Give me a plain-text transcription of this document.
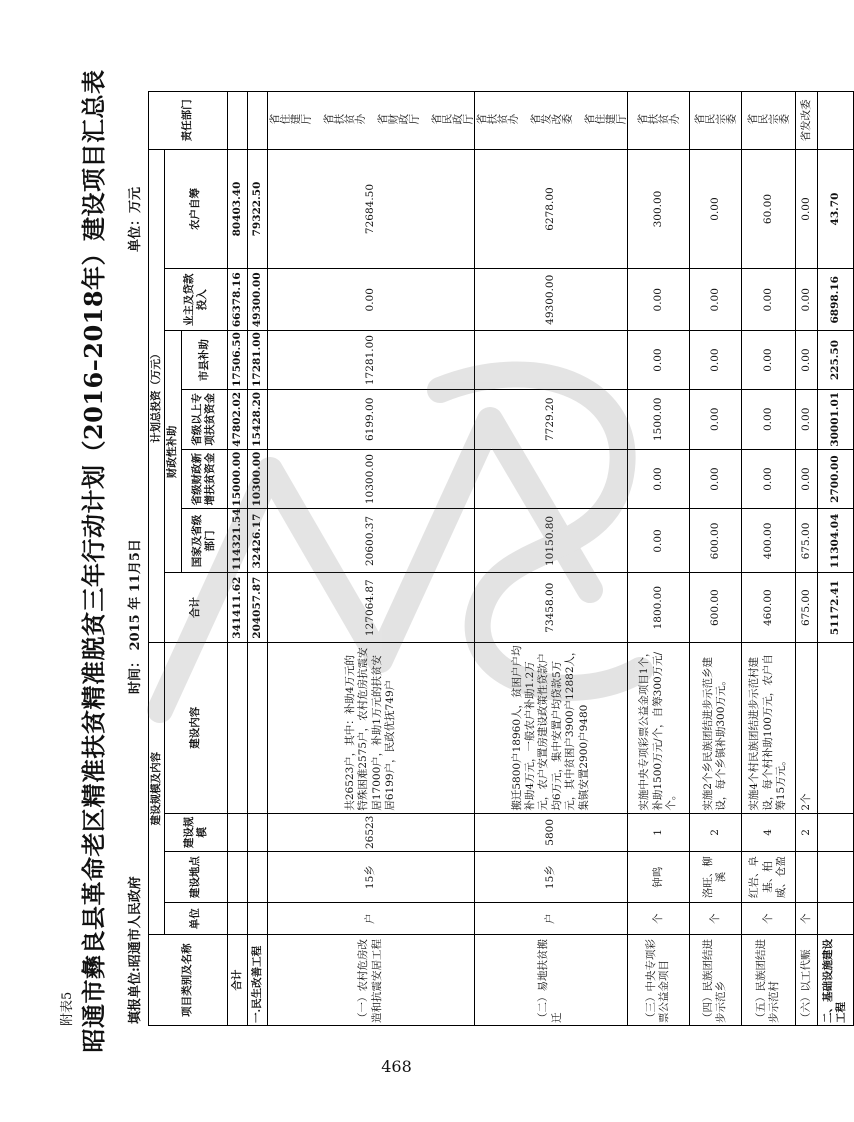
附表5 昭通市彝良县革命老区精准扶贫精准脱贫三年行动计划（2016–2018年）建设项目汇总表	填报单位:昭通市人民政府
时间： 2015 年 11月5日
单位：万元
项目类别及名称	建设规模及内容				计划总投资（万元）							责任部门
	单位	建设地点	建设规模	建设内容	合计	财政性补助				业主及贷款投入	农户自筹	
						国家及省级部门	省级财政新增扶贫资金	省级以上专项扶贫资金	市县补助			

合计					341411.62	114321.54	15000.00	47802.02	17506.50	66378.16	80403.40	
一.民生改善工程					204057.87	32426.17	10300.00	15428.20	17281.00	49300.00	79322.50	
（一）农村危房改造和抗震安居工程	户	15乡	26523	共26523户，其中：补助4万元的特殊困难2575户，农村危房抗震安居17000户，补助1万元的扶贫安居6199户，民政优抚749户	127064.87	20600.37	10300.00	6199.00	17281.00	0.00	72684.50	省住建厅 省扶贫办 省财政厅 省民政厅
（二）易地扶贫搬迁	户	15乡	5800	搬迁5800户18960人，贫困户户均补助4万元，一般农户补助1.2万元，农户安置房建设政策性贷款户均6万元，集中安置户均贷款5万元，其中贫困户3900户12882人，集镇安置2900户9480	73458.00	10150.80		7729.20		49300.00	6278.00	省扶贫办 省发改委 省住建厅
（三）中央专项彩票公益金项目	个	钟鸣	1	实施中央专项彩票公益金项目1个，补助1500万元/个，自筹300万元/个。	1800.00	0.00	0.00	1500.00	0.00	0.00	300.00	省扶贫办
（四）民族团结进步示范乡	个	洛旺、柳溪	2	实施2个乡民族团结进步示范乡建设，每个乡镇补助300万元。	600.00	600.00	0.00	0.00	0.00	0.00	0.00	省民宗委
（五）民族团结进步示范村	个	红岩、阜基、柏威、仓盈	4	实施4个村民族团结进步示范村建设，每个村补助100万元，农户自筹15万元。	460.00	400.00	0.00	0.00	0.00	0.00	60.00	省民宗委
（六）以工代赈	个		2	2个	675.00	675.00	0.00	0.00	0.00	0.00	0.00	省发改委
二、基础设施建设工程					51172.41	11304.04	2700.00	30001.01	225.50	6898.16	43.70	
468
